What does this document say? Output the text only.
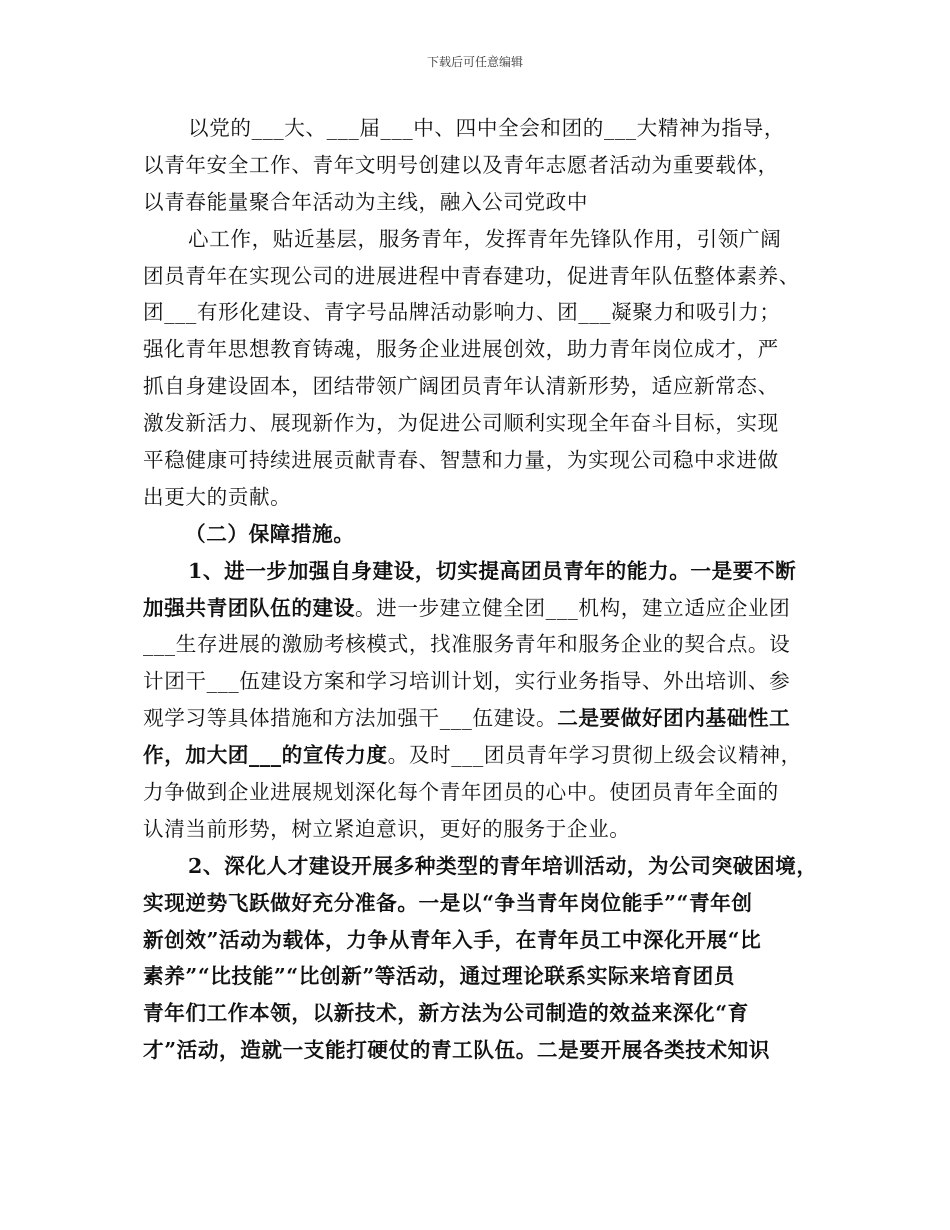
下载后可任意编辑
以党的___大、___届___中、四中全会和团的___大精神为指导，
以青年安全工作、青年文明号创建以及青年志愿者活动为重要载体，
以青春能量聚合年活动为主线，融入公司党政中
心工作，贴近基层，服务青年，发挥青年先锋队作用，引领广阔
团员青年在实现公司的进展进程中青春建功，促进青年队伍整体素养、
团___有形化建设、青字号品牌活动影响力、团___凝聚力和吸引力；
强化青年思想教育铸魂，服务企业进展创效，助力青年岗位成才，严
抓自身建设固本，团结带领广阔团员青年认清新形势，适应新常态、
激发新活力、展现新作为，为促进公司顺利实现全年奋斗目标，实现
平稳健康可持续进展贡献青春、智慧和力量，为实现公司稳中求进做
出更大的贡献。
（二）保障措施。
1、进一步加强自身建设，切实提高团员青年的能力。一是要不断
加强共青团队伍的建设。进一步建立健全团___机构，建立适应企业团
___生存进展的激励考核模式，找准服务青年和服务企业的契合点。设
计团干___伍建设方案和学习培训计划，实行业务指导、外出培训、参
观学习等具体措施和方法加强干___伍建设。二是要做好团内基础性工
作，加大团___的宣传力度。及时___团员青年学习贯彻上级会议精神，
力争做到企业进展规划深化每个青年团员的心中。使团员青年全面的
认清当前形势，树立紧迫意识，更好的服务于企业。
2、深化人才建设开展多种类型的青年培训活动，为公司突破困境，
实现逆势飞跃做好充分准备。一是以“争当青年岗位能手”“青年创
新创效”活动为载体，力争从青年入手，在青年员工中深化开展“比
素养”“比技能”“比创新”等活动，通过理论联系实际来培育团员
青年们工作本领，以新技术，新方法为公司制造的效益来深化“育
才”活动，造就一支能打硬仗的青工队伍。二是要开展各类技术知识
